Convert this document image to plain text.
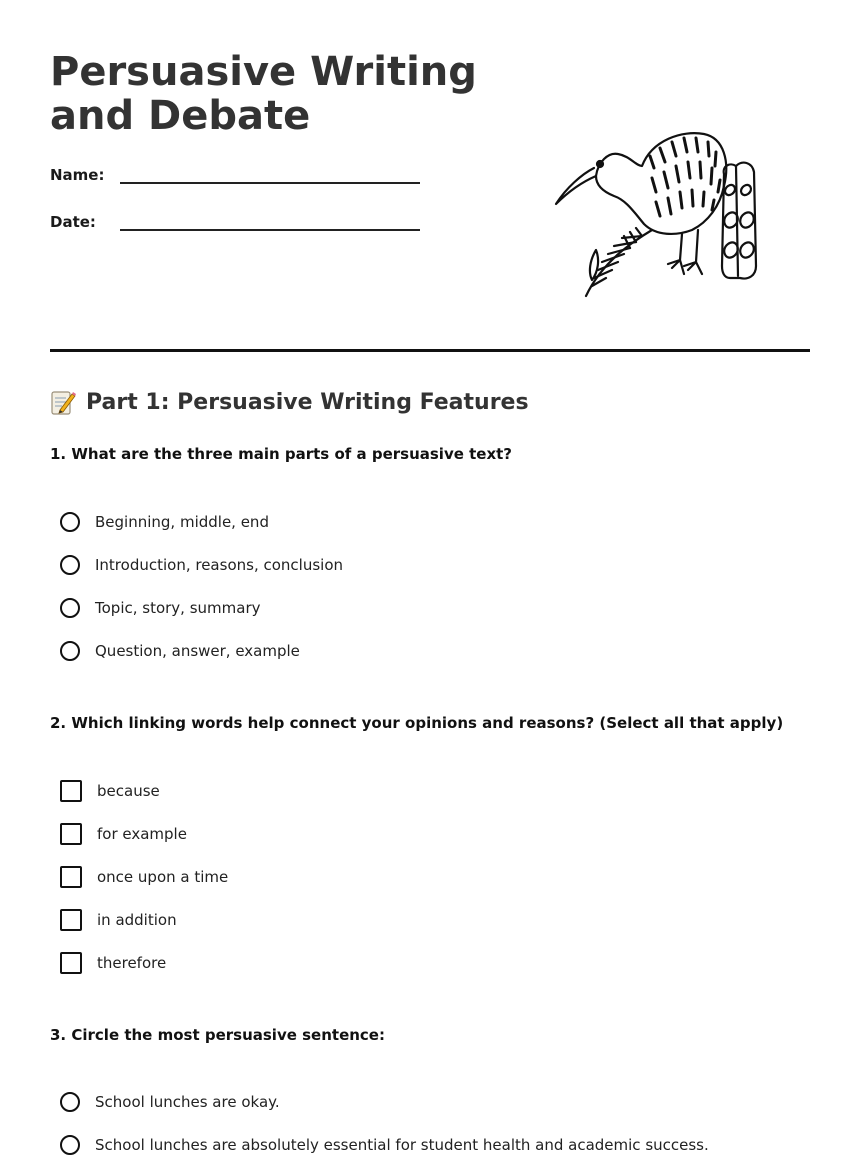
Persuasive Writing and Debate
Name:
Date:
Part 1: Persuasive Writing Features

1. What are the three main parts of a persuasive text?

Beginning, middle, end
Introduction, reasons, conclusion
Topic, story, summary
Question, answer, example

2. Which linking words help connect your opinions and reasons? (Select all that apply)

because
for example
once upon a time
in addition
therefore

3. Circle the most persuasive sentence:

School lunches are okay.
School lunches are absolutely essential for student health and academic success.
